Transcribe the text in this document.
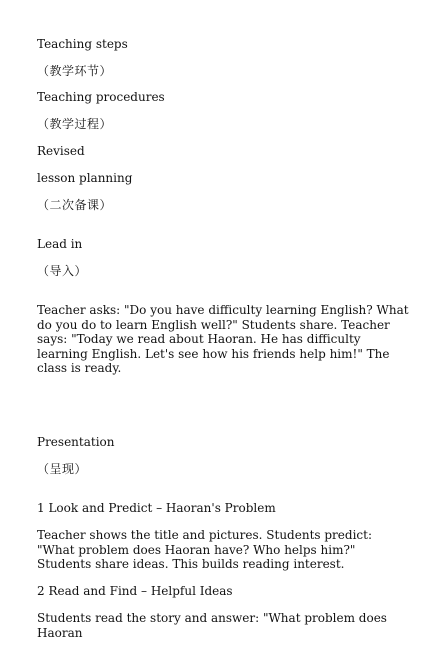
Teaching steps
（教学环节）
Teaching procedures
（教学过程）
Revised
lesson planning
（二次备课）
Lead in
（导入）
Teacher asks: "Do you have difficulty learning English? What do you do to learn English well?" Students share. Teacher says: "Today we read about Haoran. He has difficulty learning English. Let's see how his friends help him!" The class is ready.
Presentation
（呈现）
1 Look and Predict – Haoran's Problem
Teacher shows the title and pictures. Students predict: "What problem does Haoran have? Who helps him?" Students share ideas. This builds reading interest.
2 Read and Find – Helpful Ideas
Students read the story and answer: "What problem does Haoran
